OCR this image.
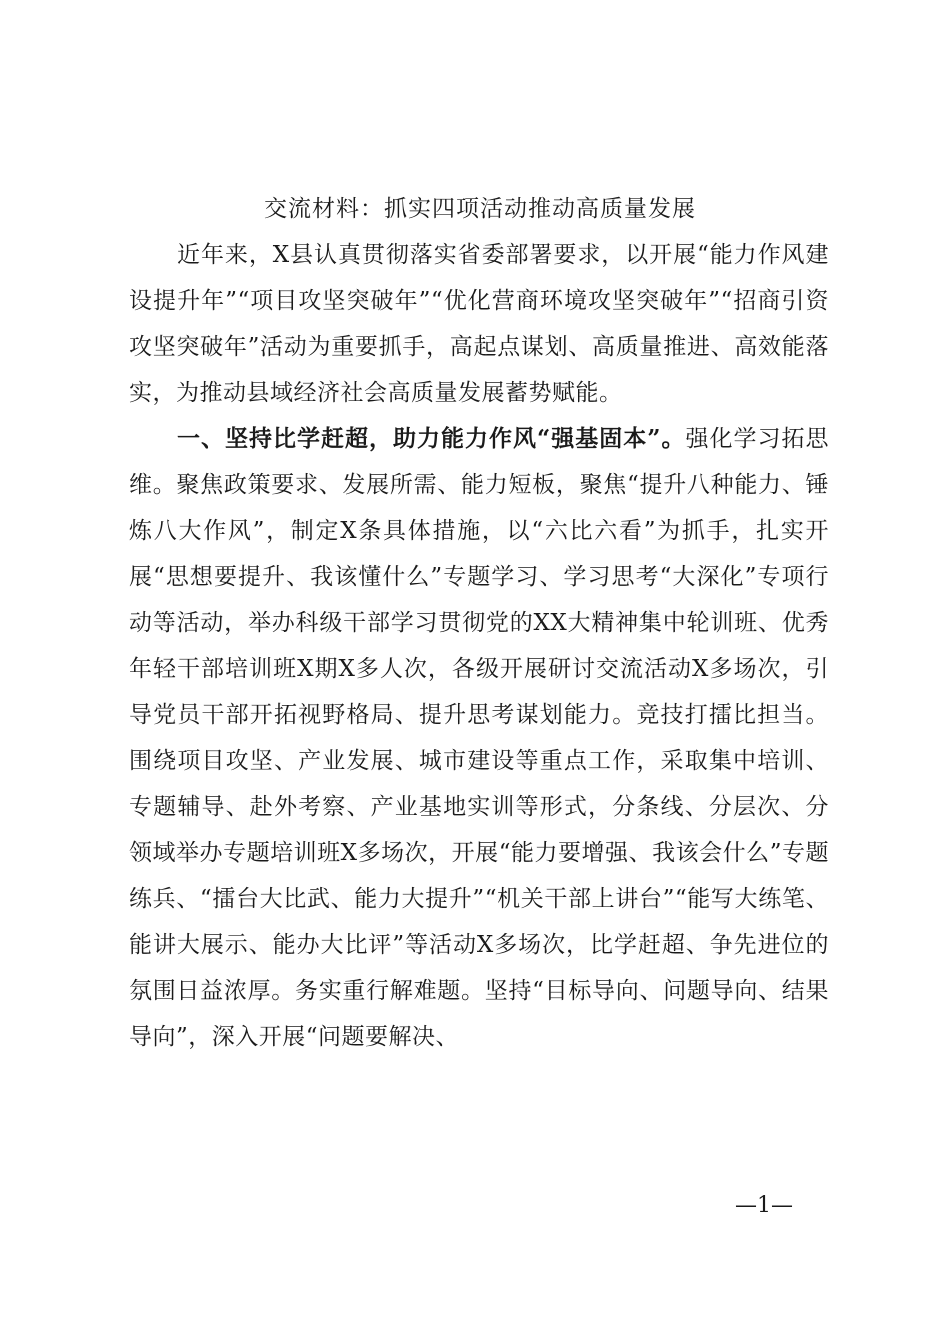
交流材料：抓实四项活动推动高质量发展

近年来，X县认真贯彻落实省委部署要求，以开展“能力作风建设提升年”“项目攻坚突破年”“优化营商环境攻坚突破年”“招商引资攻坚突破年”活动为重要抓手，高起点谋划、高质量推进、高效能落实，为推动县域经济社会高质量发展蓄势赋能。

一、坚持比学赶超，助力能力作风“强基固本”。强化学习拓思维。聚焦政策要求、发展所需、能力短板，聚焦“提升八种能力、锤炼八大作风”，制定X条具体措施，以“六比六看”为抓手，扎实开展“思想要提升、我该懂什么”专题学习、学习思考“大深化”专项行动等活动，举办科级干部学习贯彻党的XX大精神集中轮训班、优秀年轻干部培训班X期X多人次，各级开展研讨交流活动X多场次，引导党员干部开拓视野格局、提升思考谋划能力。竞技打擂比担当。围绕项目攻坚、产业发展、城市建设等重点工作，采取集中培训、专题辅导、赴外考察、产业基地实训等形式，分条线、分层次、分领域举办专题培训班X多场次，开展“能力要增强、我该会什么”专题练兵、“擂台大比武、能力大提升”“机关干部上讲台”“能写大练笔、能讲大展示、能办大比评”等活动X多场次，比学赶超、争先进位的氛围日益浓厚。务实重行解难题。坚持“目标导向、问题导向、结果导向”，深入开展“问题要解决、

—1—
